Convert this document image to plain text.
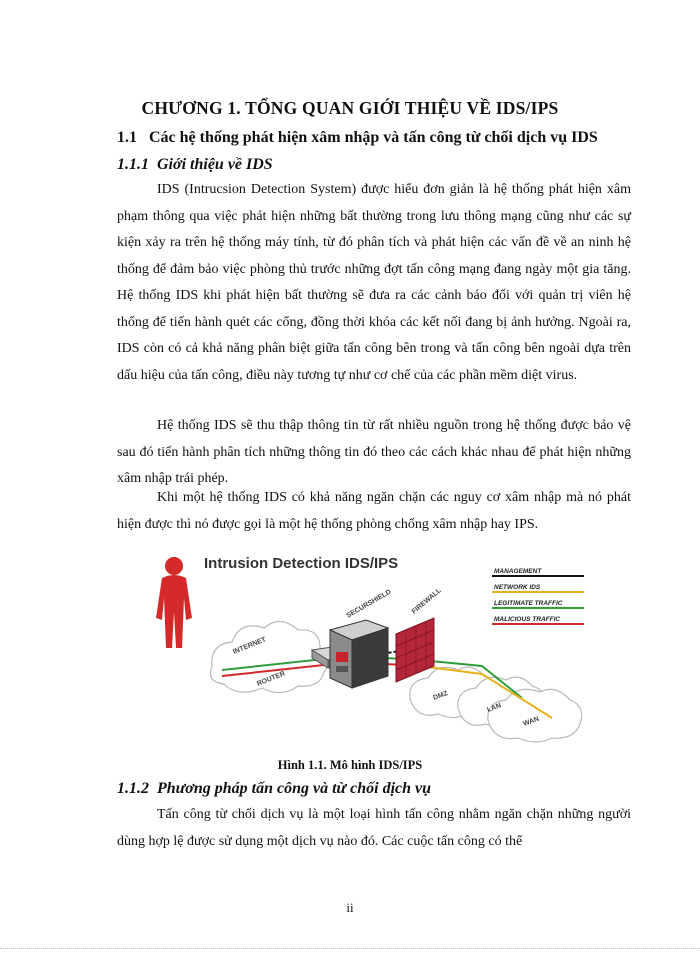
CHƯƠNG 1. TỔNG QUAN GIỚI THIỆU VỀ IDS/IPS
1.1 Các hệ thống phát hiện xâm nhập và tấn công từ chối dịch vụ IDS
1.1.1 Giới thiệu về IDS

IDS (Intrucsion Detection System) được hiểu đơn giản là hệ thống phát hiện xâm phạm thông qua việc phát hiện những bất thường trong lưu thông mạng cũng như các sự kiện xảy ra trên hệ thống máy tính, từ đó phân tích và phát hiện các vấn đề về an ninh hệ thống để đảm bảo việc phòng thủ trước những đợt tấn công mạng đang ngày một gia tăng. Hệ thống IDS khi phát hiện bất thường sẽ đưa ra các cảnh báo đối với quản trị viên hệ thống để tiến hành quét các cổng, đồng thời khóa các kết nối đang bị ảnh hưởng. Ngoài ra, IDS còn có cả khả năng phân biệt giữa tấn công bên trong và tấn công bên ngoài dựa trên dấu hiệu của tấn công, điều này tương tự như cơ chế của các phần mềm diệt virus.

Hệ thống IDS sẽ thu thập thông tin từ rất nhiều nguồn trong hệ thống được bảo vệ sau đó tiến hành phân tích những thông tin đó theo các cách khác nhau để phát hiện những xâm nhập trái phép.

Khi một hệ thống IDS có khả năng ngăn chặn các nguy cơ xâm nhập mà nó phát hiện được thì nó được gọi là một hệ thống phòng chống xâm nhập hay IPS.

Intrusion Detection IDS/IPS	MANAGEMENT
NETWORK IDS
LEGITIMATE TRAFFIC
MALICIOUS TRAFFIC
INTERNET
ROUTER
SECURSHIELD	FIREWALL
DMZ
LAN
WAN
Hình 1.1. Mô hình IDS/IPS
1.1.2 Phương pháp tấn công và từ chối dịch vụ

Tấn công từ chối dịch vụ là một loại hình tấn công nhằm ngăn chặn những người dùng hợp lệ được sử dụng một dịch vụ nào đó. Các cuộc tấn công có thể

ii
